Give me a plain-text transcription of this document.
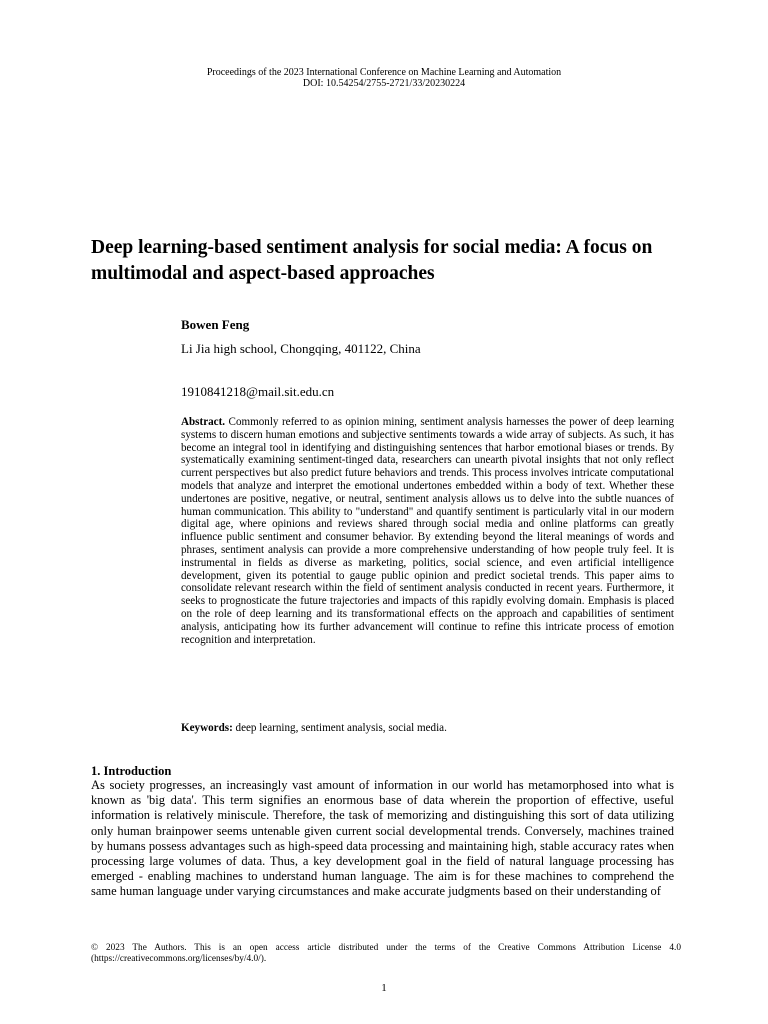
Proceedings of the 2023 International Conference on Machine Learning and Automation
DOI: 10.54254/2755-2721/33/20230224
Deep learning-based sentiment analysis for social media: A focus on multimodal and aspect-based approaches

Bowen Feng

Li Jia high school, Chongqing, 401122, China

1910841218@mail.sit.edu.cn

Abstract. Commonly referred to as opinion mining, sentiment analysis harnesses the power of deep learning systems to discern human emotions and subjective sentiments towards a wide array of subjects. As such, it has become an integral tool in identifying and distinguishing sentences that harbor emotional biases or trends. By systematically examining sentiment-tinged data, researchers can unearth pivotal insights that not only reflect current perspectives but also predict future behaviors and trends. This process involves intricate computational models that analyze and interpret the emotional undertones embedded within a body of text. Whether these undertones are positive, negative, or neutral, sentiment analysis allows us to delve into the subtle nuances of human communication. This ability to "understand" and quantify sentiment is particularly vital in our modern digital age, where opinions and reviews shared through social media and online platforms can greatly influence public sentiment and consumer behavior. By extending beyond the literal meanings of words and phrases, sentiment analysis can provide a more comprehensive understanding of how people truly feel. It is instrumental in fields as diverse as marketing, politics, social science, and even artificial intelligence development, given its potential to gauge public opinion and predict societal trends. This paper aims to consolidate relevant research within the field of sentiment analysis conducted in recent years. Furthermore, it seeks to prognosticate the future trajectories and impacts of this rapidly evolving domain. Emphasis is placed on the role of deep learning and its transformational effects on the approach and capabilities of sentiment analysis, anticipating how its further advancement will continue to refine this intricate process of emotion recognition and interpretation.

Keywords: deep learning, sentiment analysis, social media.

1. Introduction

As society progresses, an increasingly vast amount of information in our world has metamorphosed into what is known as 'big data'. This term signifies an enormous base of data wherein the proportion of effective, useful information is relatively miniscule. Therefore, the task of memorizing and distinguishing this sort of data utilizing only human brainpower seems untenable given current social developmental trends. Conversely, machines trained by humans possess advantages such as high-speed data processing and maintaining high, stable accuracy rates when processing large volumes of data. Thus, a key development goal in the field of natural language processing has emerged - enabling machines to understand human language. The aim is for these machines to comprehend the same human language under varying circumstances and make accurate judgments based on their understanding of

© 2023 The Authors. This is an open access article distributed under the terms of the Creative Commons Attribution License 4.0 (https://creativecommons.org/licenses/by/4.0/).

1
